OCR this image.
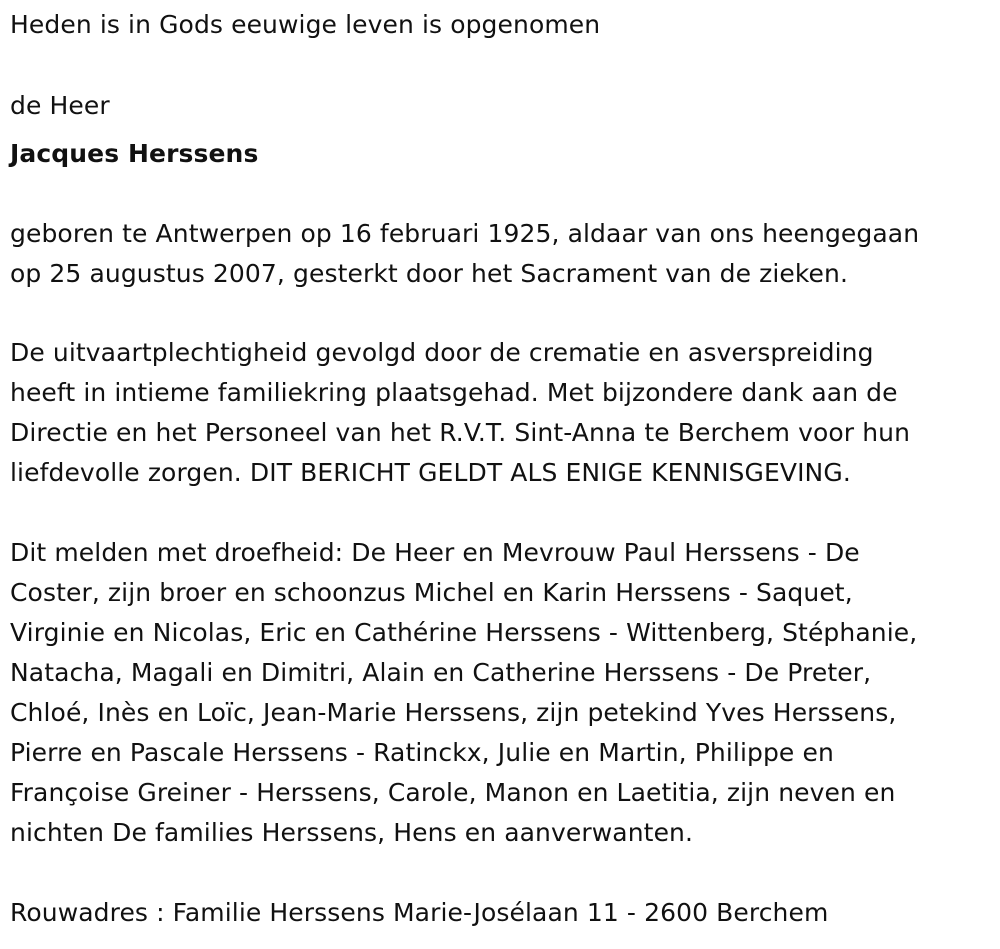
Heden is in Gods eeuwige leven is opgenomen
de Heer
Jacques Herssens
geboren te Antwerpen op 16 februari 1925, aldaar van ons heengegaan
op 25 augustus 2007, gesterkt door het Sacrament van de zieken.
De uitvaartplechtigheid gevolgd door de crematie en asverspreiding
heeft in intieme familiekring plaatsgehad. Met bijzondere dank aan de
Directie en het Personeel van het R.V.T. Sint-Anna te Berchem voor hun
liefdevolle zorgen. DIT BERICHT GELDT ALS ENIGE KENNISGEVING.
Dit melden met droefheid: De Heer en Mevrouw Paul Herssens - De
Coster, zijn broer en schoonzus Michel en Karin Herssens - Saquet,
Virginie en Nicolas, Eric en Cathérine Herssens - Wittenberg, Stéphanie,
Natacha, Magali en Dimitri, Alain en Catherine Herssens - De Preter,
Chloé, Inès en Loïc, Jean-Marie Herssens, zijn petekind Yves Herssens,
Pierre en Pascale Herssens - Ratinckx, Julie en Martin, Philippe en
Françoise Greiner - Herssens, Carole, Manon en Laetitia, zijn neven en
nichten De families Herssens, Hens en aanverwanten.
Rouwadres : Familie Herssens Marie-Josélaan 11 - 2600 Berchem
